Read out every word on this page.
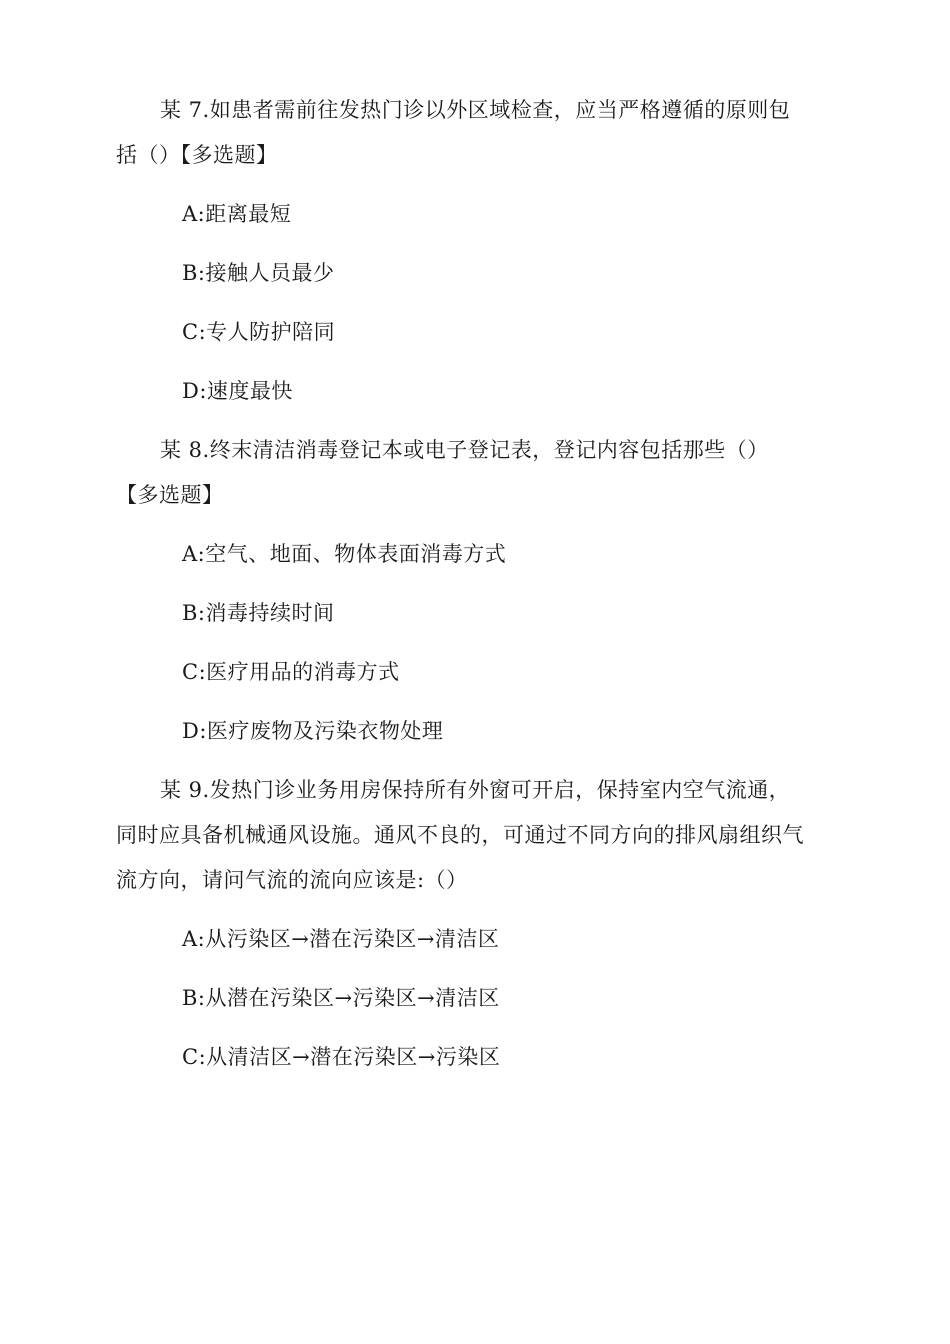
某 7.如患者需前往发热门诊以外区域检查，应当严格遵循的原则包
括（）【多选题】
A:距离最短
B:接触人员最少
C:专人防护陪同
D:速度最快
某 8.终末清洁消毒登记本或电子登记表，登记内容包括那些（）
【多选题】
A:空气、地面、物体表面消毒方式
B:消毒持续时间
C:医疗用品的消毒方式
D:医疗废物及污染衣物处理
某 9.发热门诊业务用房保持所有外窗可开启，保持室内空气流通，
同时应具备机械通风设施。通风不良的，可通过不同方向的排风扇组织气
流方向，请问气流的流向应该是:（）
A:从污染区→潜在污染区→清洁区
B:从潜在污染区→污染区→清洁区
C:从清洁区→潜在污染区→污染区
